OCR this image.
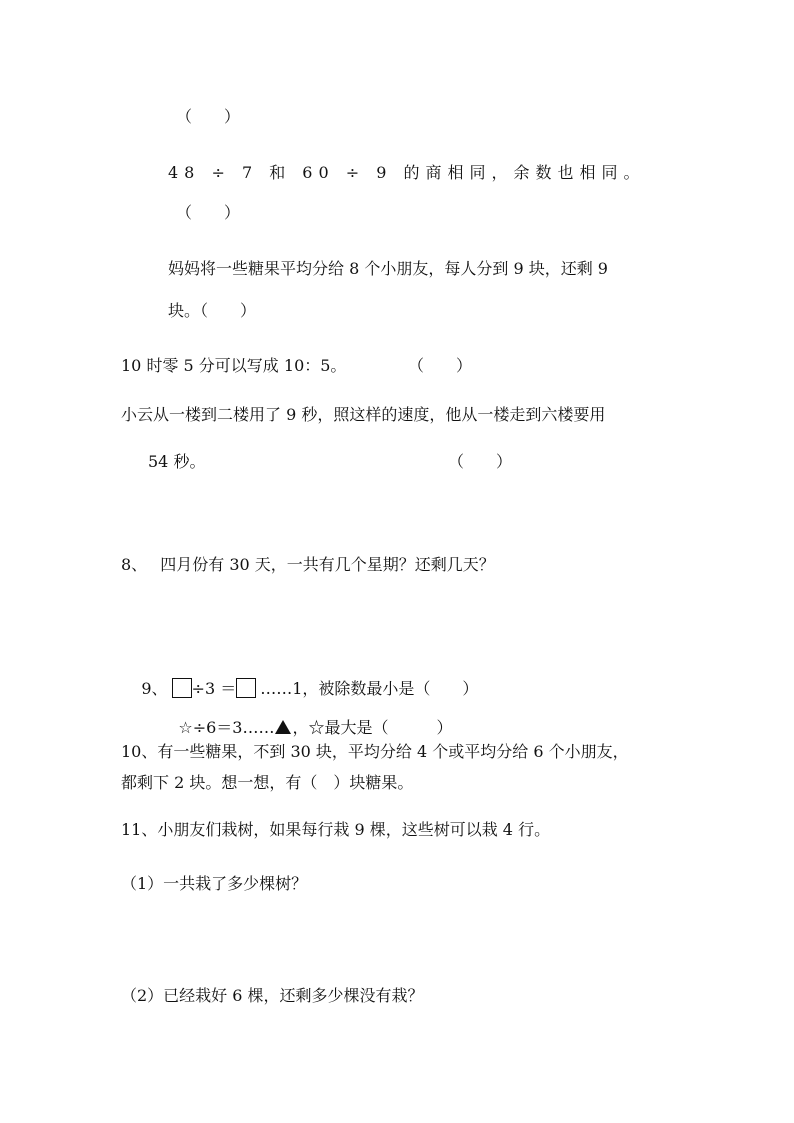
（　　）
48 ÷ 7 和 60 ÷ 9 的商相同，余数也相同。
（　　）
妈妈将一些糖果平均分给 8 个小朋友，每人分到 9 块，还剩 9
块。（　　）
10 时零 5 分可以写成 10：5。	（　　）
小云从一楼到二楼用了 9 秒，照这样的速度，他从一楼走到六楼要用
54 秒。	（　　）
8、　 四月份有 30 天，一共有几个星期？还剩几天？

9、 ÷3 ＝ ……1，被除数最小是（　　）

☆÷6＝3…… ，☆最大是（　　　）

10、有一些糖果，不到 30 块，平均分给 4 个或平均分给 6 个小朋友，
都剩下 2 块。想一想，有（　）块糖果。
11、小朋友们栽树，如果每行栽 9 棵，这些树可以栽 4 行。
（1）一共栽了多少棵树？
（2）已经栽好 6 棵，还剩多少棵没有栽？
